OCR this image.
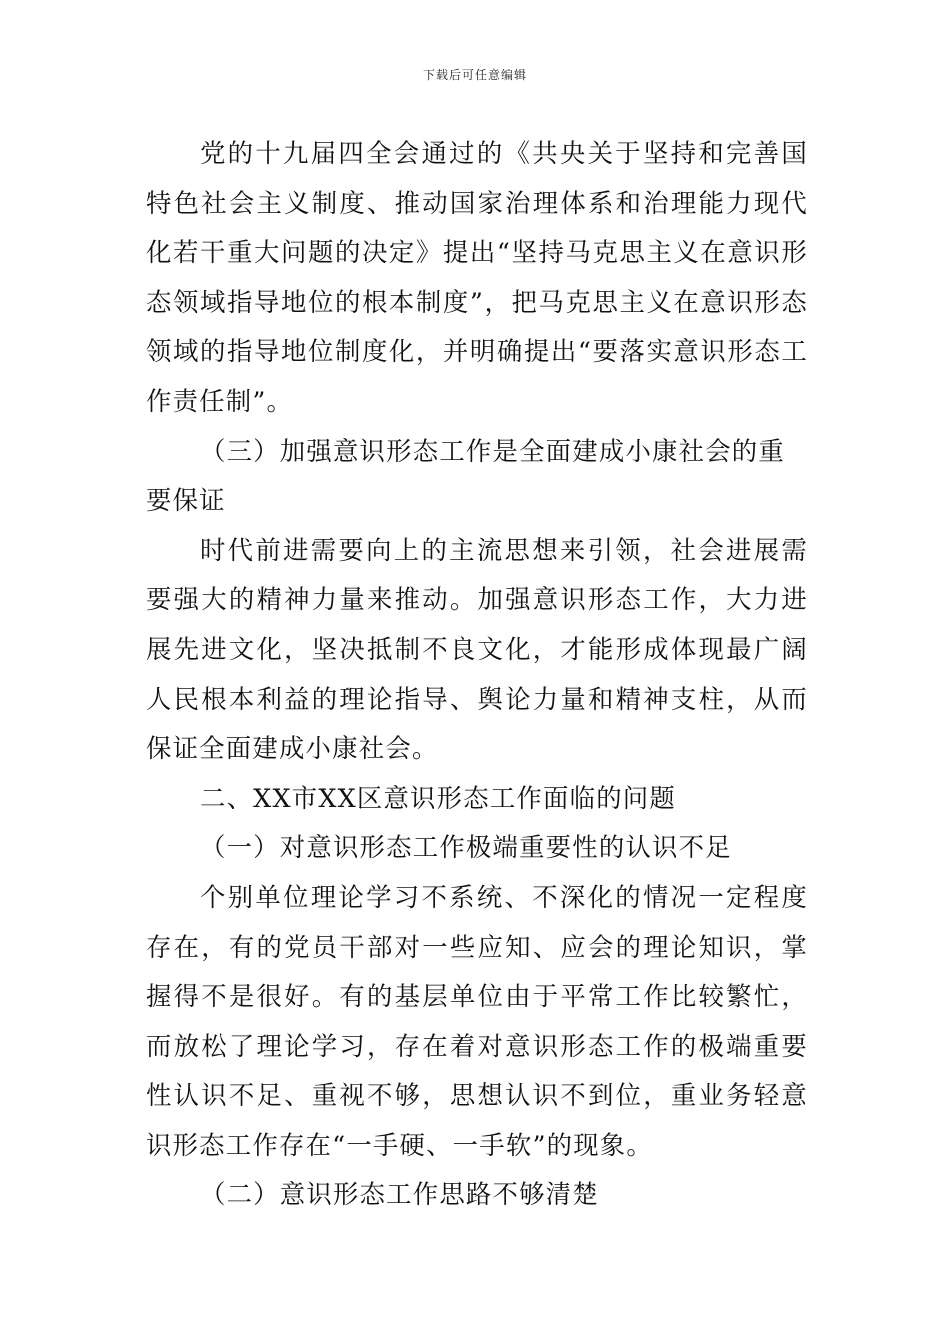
下载后可任意编辑

党的十九届四全会通过的《共央关于坚持和完善国特色社会主义制度、推动国家治理体系和治理能力现代化若干重大问题的决定》提出“坚持马克思主义在意识形态领域指导地位的根本制度”，把马克思主义在意识形态领域的指导地位制度化，并明确提出“要落实意识形态工作责任制”。

（三）加强意识形态工作是全面建成小康社会的重要保证

时代前进需要向上的主流思想来引领，社会进展需要强大的精神力量来推动。加强意识形态工作，大力进展先进文化，坚决抵制不良文化，才能形成体现最广阔人民根本利益的理论指导、舆论力量和精神支柱，从而保证全面建成小康社会。

二、XX市XX区意识形态工作面临的问题

（一）对意识形态工作极端重要性的认识不足

个别单位理论学习不系统、不深化的情况一定程度存在，有的党员干部对一些应知、应会的理论知识，掌握得不是很好。有的基层单位由于平常工作比较繁忙，而放松了理论学习，存在着对意识形态工作的极端重要性认识不足、重视不够，思想认识不到位，重业务轻意识形态工作存在“一手硬、一手软”的现象。

（二）意识形态工作思路不够清楚
